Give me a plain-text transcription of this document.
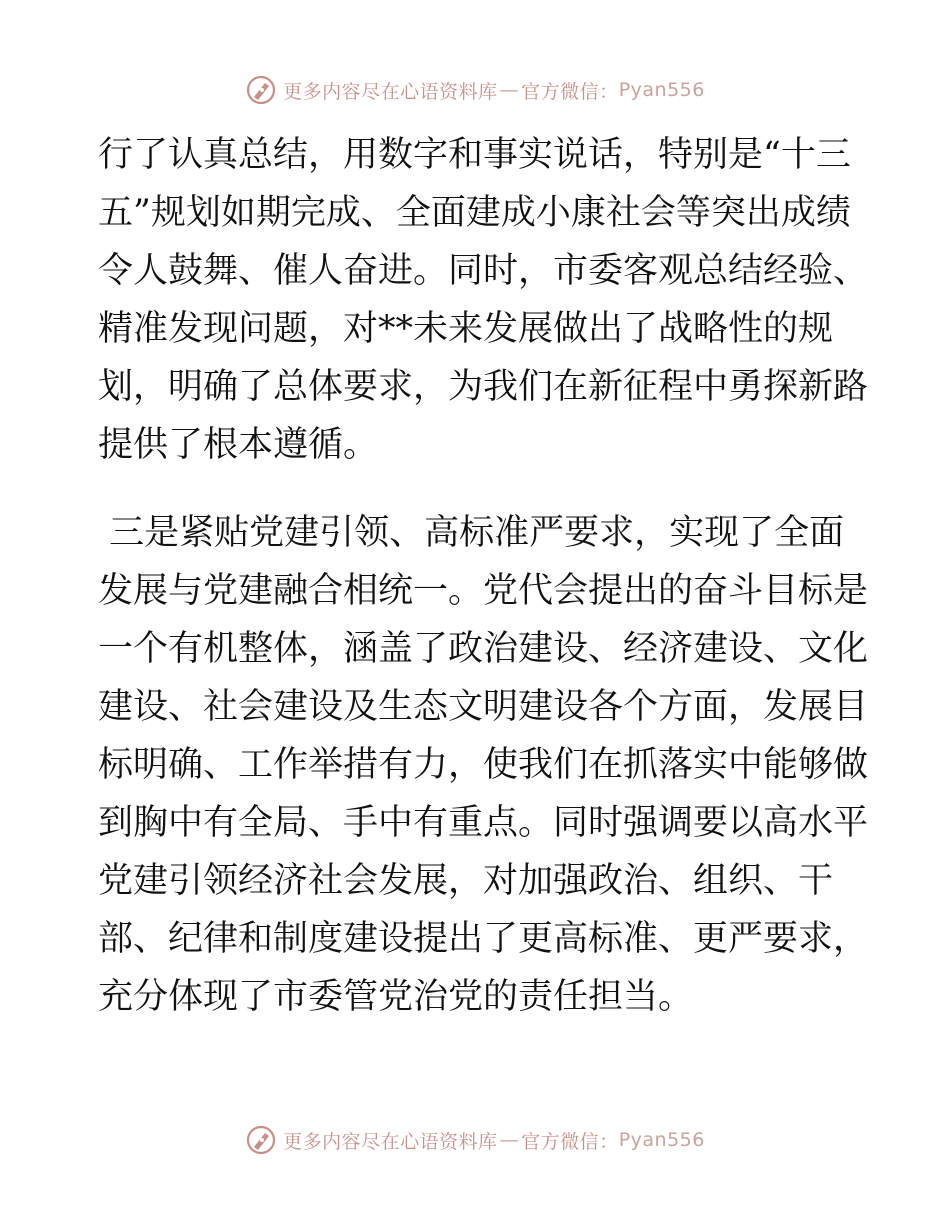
更多内容尽在心语资料库 — 官方微信： Pyan556

行了认真总结，用数字和事实说话，特别是“十三

五”规划如期完成、全面建成小康社会等突出成绩

令人鼓舞、催人奋进。同时，市委客观总结经验、

精准发现问题，对**未来发展做出了战略性的规

划，明确了总体要求，为我们在新征程中勇探新路

提供了根本遵循。

三是紧贴党建引领、高标准严要求，实现了全面

发展与党建融合相统一。党代会提出的奋斗目标是

一个有机整体，涵盖了政治建设、经济建设、文化

建设、社会建设及生态文明建设各个方面，发展目

标明确、工作举措有力，使我们在抓落实中能够做

到胸中有全局、手中有重点。同时强调要以高水平

党建引领经济社会发展，对加强政治、组织、干

部、纪律和制度建设提出了更高标准、更严要求，

充分体现了市委管党治党的责任担当。

更多内容尽在心语资料库 — 官方微信： Pyan556
